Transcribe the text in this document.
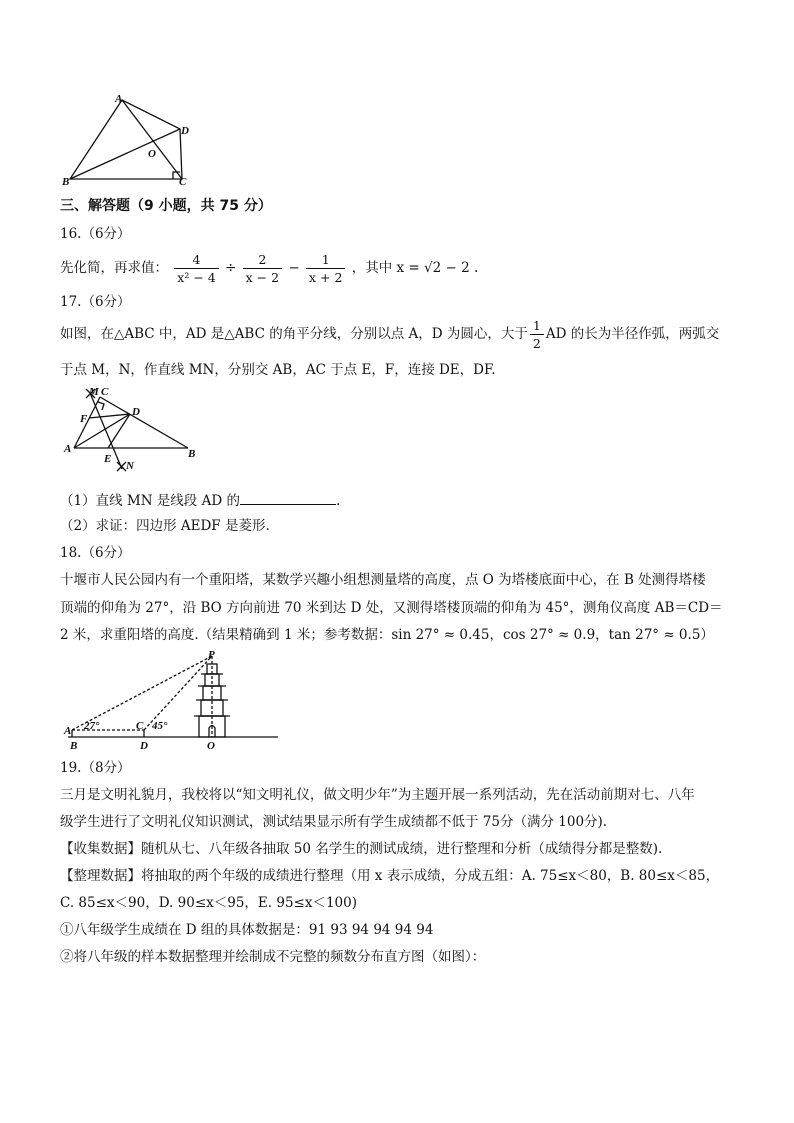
A
B	C
D
O
三、解答题（9 小题，共 75 分）
16.（6分）
先化简，再求值： $\frac{4}{\text{x² − 4}} \div \frac{2}{x - 2} - \frac{1}{x + 2}$ ，其中 x = √2 − 2 .
17.（6分）
如图，在△ABC 中，AD 是△ABC 的角平分线，分别以点 A，D 为圆心，大于 $\frac{1}{2}$ AD 的长为半径作弧，两弧交
于点 M，N，作直线 MN，分别交 AB，AC 于点 E，F，连接 DE，DF.
M C
F
D
A
E
N
B
（1）直线 MN 是线段 AD 的	.
（2）求证：四边形 AEDF 是菱形.
18.（6分）
十堰市人民公园内有一个重阳塔，某数学兴趣小组想测量塔的高度，点 O 为塔楼底面中心，在 B 处测得塔楼
顶端的仰角为 27°，沿 BO 方向前进 70 米到达 D 处，又测得塔楼顶端的仰角为 45°，测角仪高度 AB＝CD＝
2 米，求重阳塔的高度.（结果精确到 1 米；参考数据：sin 27° ≈ 0.45，cos 27° ≈ 0.9，tan 27° ≈ 0.5）
P
A
B
C
D	O
27°	45°
19.（8分）
三月是文明礼貌月，我校将以“知文明礼仪，做文明少年”为主题开展一系列活动，先在活动前期对七、八年
级学生进行了文明礼仪知识测试，测试结果显示所有学生成绩都不低于 75分（满分 100分).
【收集数据】随机从七、八年级各抽取 50 名学生的测试成绩，进行整理和分析（成绩得分都是整数).
【整理数据】将抽取的两个年级的成绩进行整理（用 x 表示成绩，分成五组：A. 75≤x＜80，B. 80≤x＜85，
C. 85≤x＜90，D. 90≤x＜95，E. 95≤x＜100)
①八年级学生成绩在 D 组的具体数据是：91 93 94 94 94 94
②将八年级的样本数据整理并绘制成不完整的频数分布直方图（如图）：
